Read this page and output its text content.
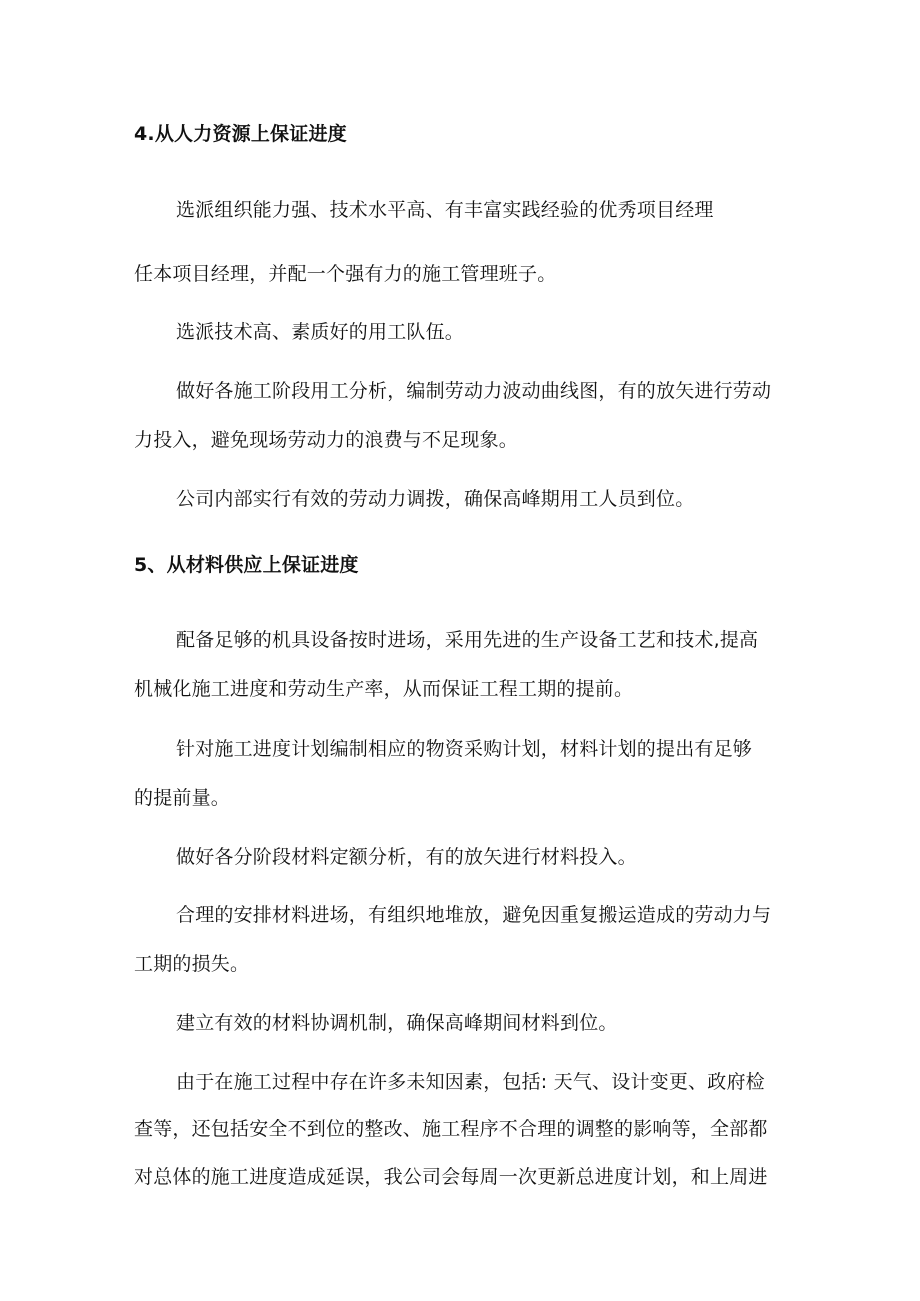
4.从人力资源上保证进度
选派组织能力强、技术水平高、有丰富实践经验的优秀项目经理
任本项目经理，并配一个强有力的施工管理班子。
选派技术高、素质好的用工队伍。
做好各施工阶段用工分析，编制劳动力波动曲线图，有的放矢进行劳动
力投入，避免现场劳动力的浪费与不足现象。
公司内部实行有效的劳动力调拨，确保高峰期用工人员到位。
5、从材料供应上保证进度
配备足够的机具设备按时进场，采用先进的生产设备工艺和技术,提高
机械化施工进度和劳动生产率，从而保证工程工期的提前。
针对施工进度计划编制相应的物资采购计划，材料计划的提出有足够
的提前量。
做好各分阶段材料定额分析，有的放矢进行材料投入。
合理的安排材料进场，有组织地堆放，避免因重复搬运造成的劳动力与
工期的损失。
建立有效的材料协调机制，确保高峰期间材料到位。
由于在施工过程中存在许多未知因素，包括: 天气、设计变更、政府检
查等，还包括安全不到位的整改、施工程序不合理的调整的影响等，全部都
对总体的施工进度造成延误，我公司会每周一次更新总进度计划，和上周进
